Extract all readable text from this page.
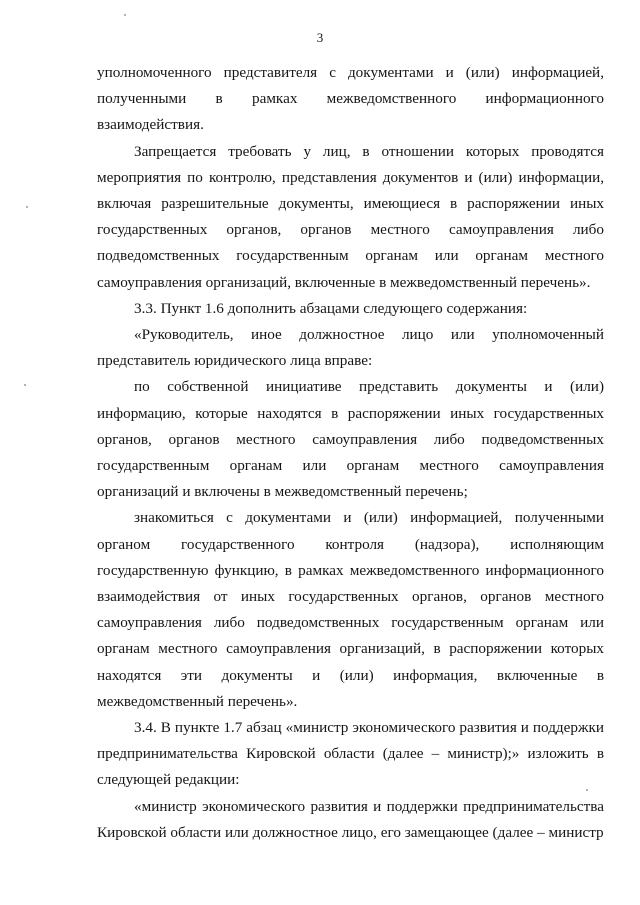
3

уполномоченного представителя с документами и (или) информацией, полученными в рамках межведомственного информационного взаимодействия.

Запрещается требовать у лиц, в отношении которых проводятся мероприятия по контролю, представления документов и (или) информации, включая разрешительные документы, имеющиеся в распоряжении иных государственных органов, органов местного самоуправления либо подведомственных государственным органам или органам местного самоуправления организаций, включенные в межведомственный перечень».

3.3. Пункт 1.6 дополнить абзацами следующего содержания:

«Руководитель, иное должностное лицо или уполномоченный представитель юридического лица вправе:

по собственной инициативе представить документы и (или) информацию, которые находятся в распоряжении иных государственных органов, органов местного самоуправления либо подведомственных государственным органам или органам местного самоуправления организаций и включены в межведомственный перечень;

знакомиться с документами и (или) информацией, полученными органом государственного контроля (надзора), исполняющим государственную функцию, в рамках межведомственного информационного взаимодействия от иных государственных органов, органов местного самоуправления либо подведомственных государственным органам или органам местного самоуправления организаций, в распоряжении которых находятся эти документы и (или) информация, включенные в межведомственный перечень».

3.4. В пункте 1.7 абзац «министр экономического развития и поддержки предпринимательства Кировской области (далее – министр);» изложить в следующей редакции:

«министр экономического развития и поддержки предпринимательства Кировской области или должностное лицо, его замещающее (далее – министр
